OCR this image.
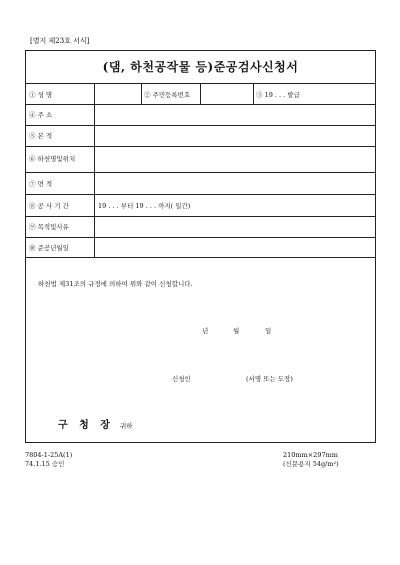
[별지 제23호 서식]
(댐, 하천공작물 등)준공검사신청서
① 성 명	② 주민등록번호	③ 19 . . . 발급
④ 주 소
⑤ 본 적
⑥ 하천명및위치
⑦ 면 적
⑧ 공 사 기 간	19 . . . 부터 19 . . . 까지( 일간)
⑨ 목적및사유
⑩ 준공년월일
하천법 제31조의 규정에 의하여 위와 같이 신청합니다.
년	월	일
신청인	(서명 또는 도장)
구 청 장 귀하
7804-1-25A(1)
74.1.15 승인
210mm×297mm
(신문용지 54g/m²)
